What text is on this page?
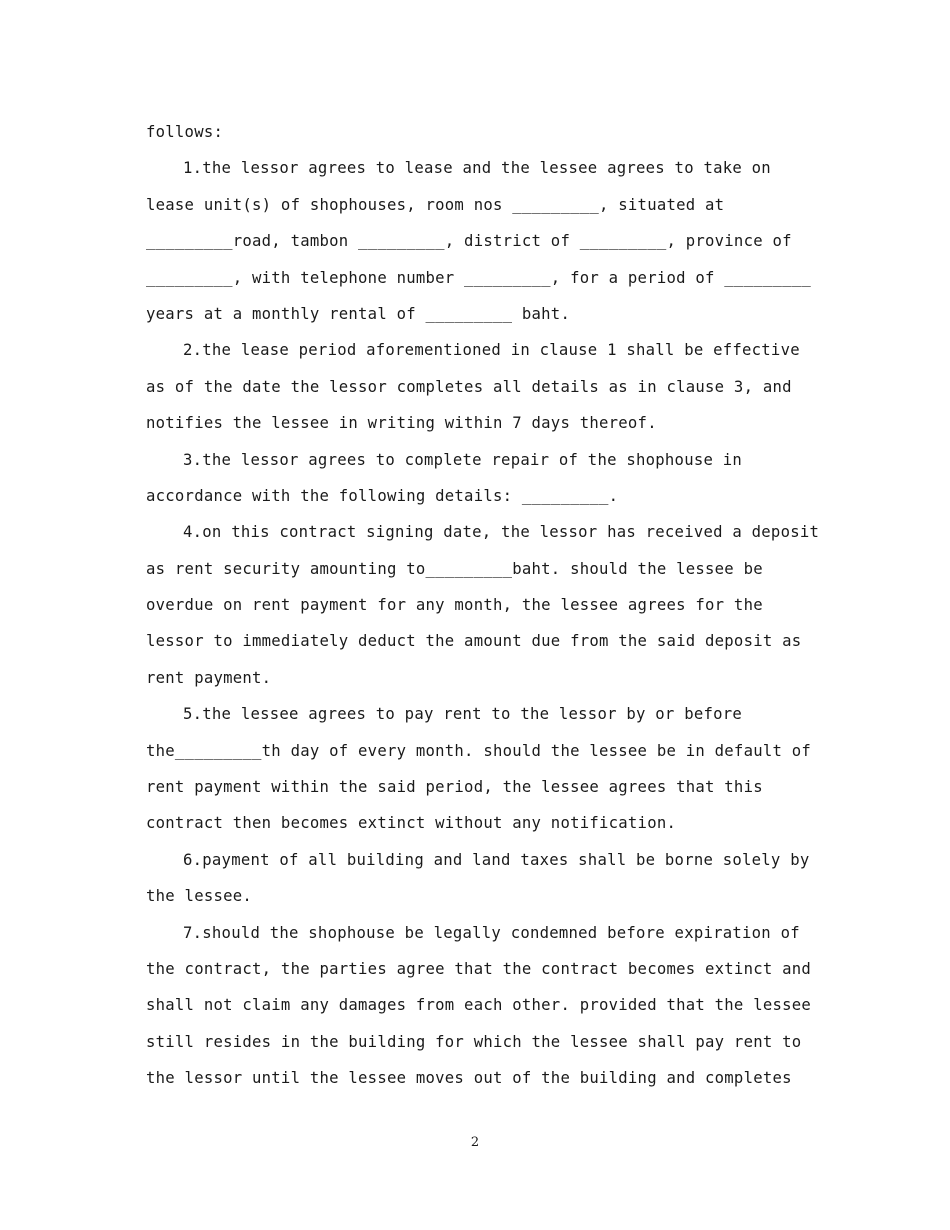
follows:
1.the lessor agrees to lease and the lessee agrees to take on
lease unit(s) of shophouses, room nos _________, situated at
_________road, tambon _________, district of _________, province of
_________, with telephone number _________, for a period of _________
years at a monthly rental of _________ baht.
2.the lease period aforementioned in clause 1 shall be effective
as of the date the lessor completes all details as in clause 3, and
notifies the lessee in writing within 7 days thereof.
3.the lessor agrees to complete repair of the shophouse in
accordance with the following details: _________.
4.on this contract signing date, the lessor has received a deposit
as rent security amounting to_________baht. should the lessee be
overdue on rent payment for any month, the lessee agrees for the
lessor to immediately deduct the amount due from the said deposit as
rent payment.
5.the lessee agrees to pay rent to the lessor by or before
the_________th day of every month. should the lessee be in default of
rent payment within the said period, the lessee agrees that this
contract then becomes extinct without any notification.
6.payment of all building and land taxes shall be borne solely by
the lessee.
7.should the shophouse be legally condemned before expiration of
the contract, the parties agree that the contract becomes extinct and
shall not claim any damages from each other. provided that the lessee
still resides in the building for which the lessee shall pay rent to
the lessor until the lessee moves out of the building and completes
2
